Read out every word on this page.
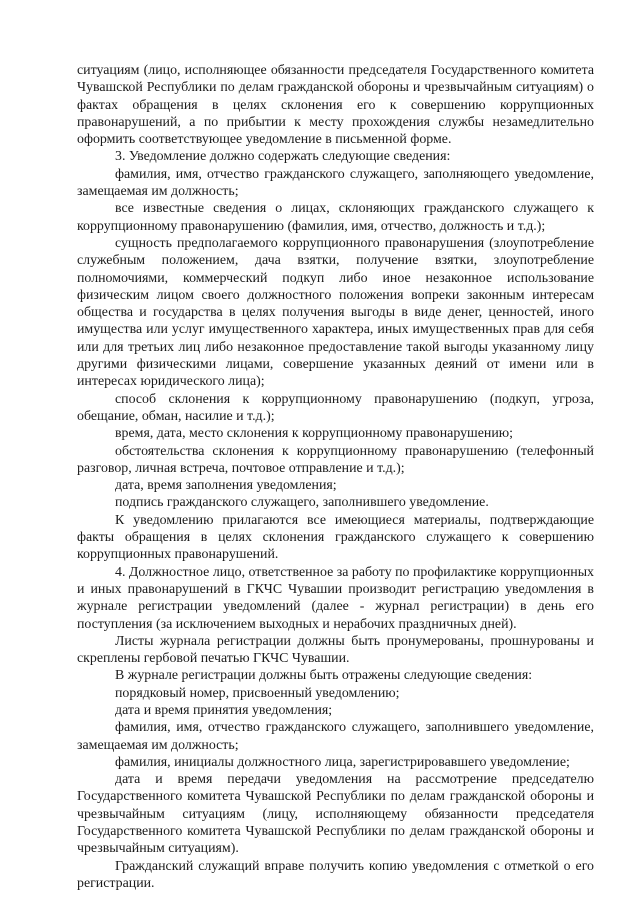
ситуациям (лицо, исполняющее обязанности председателя Государственного комитета Чувашской Республики по делам гражданской обороны и чрезвычайным ситуациям) о фактах обращения в целях склонения его к совершению коррупционных правонарушений, а по прибытии к месту прохождения службы незамедлительно оформить соответствующее уведомление в письменной форме.

3. Уведомление должно содержать следующие сведения:

фамилия, имя, отчество гражданского служащего, заполняющего уведомление, замещаемая им должность;

все известные сведения о лицах, склоняющих гражданского служащего к коррупционному правонарушению (фамилия, имя, отчество, должность и т.д.);

сущность предполагаемого коррупционного правонарушения (злоупотребление служебным положением, дача взятки, получение взятки, злоупотребление полномочиями, коммерческий подкуп либо иное незаконное использование физическим лицом своего должностного положения вопреки законным интересам общества и государства в целях получения выгоды в виде денег, ценностей, иного имущества или услуг имущественного характера, иных имущественных прав для себя или для третьих лиц либо незаконное предоставление такой выгоды указанному лицу другими физическими лицами, совершение указанных деяний от имени или в интересах юридического лица);

способ склонения к коррупционному правонарушению (подкуп, угроза, обещание, обман, насилие и т.д.);

время, дата, место склонения к коррупционному правонарушению;

обстоятельства склонения к коррупционному правонарушению (телефонный разговор, личная встреча, почтовое отправление и т.д.);

дата, время заполнения уведомления;

подпись гражданского служащего, заполнившего уведомление.

К уведомлению прилагаются все имеющиеся материалы, подтверждающие факты обращения в целях склонения гражданского служащего к совершению коррупционных правонарушений.

4. Должностное лицо, ответственное за работу по профилактике коррупционных и иных правонарушений в ГКЧС Чувашии производит регистрацию уведомления в журнале регистрации уведомлений (далее - журнал регистрации) в день его поступления (за исключением выходных и нерабочих праздничных дней).

Листы журнала регистрации должны быть пронумерованы, прошнурованы и скреплены гербовой печатью ГКЧС Чувашии.

В журнале регистрации должны быть отражены следующие сведения:

порядковый номер, присвоенный уведомлению;

дата и время принятия уведомления;

фамилия, имя, отчество гражданского служащего, заполнившего уведомление, замещаемая им должность;

фамилия, инициалы должностного лица, зарегистрировавшего уведомление;

дата и время передачи уведомления на рассмотрение председателю Государственного комитета Чувашской Республики по делам гражданской обороны и чрезвычайным ситуациям (лицу, исполняющему обязанности председателя Государственного комитета Чувашской Республики по делам гражданской обороны и чрезвычайным ситуациям).

Гражданский служащий вправе получить копию уведомления с отметкой о его регистрации.
